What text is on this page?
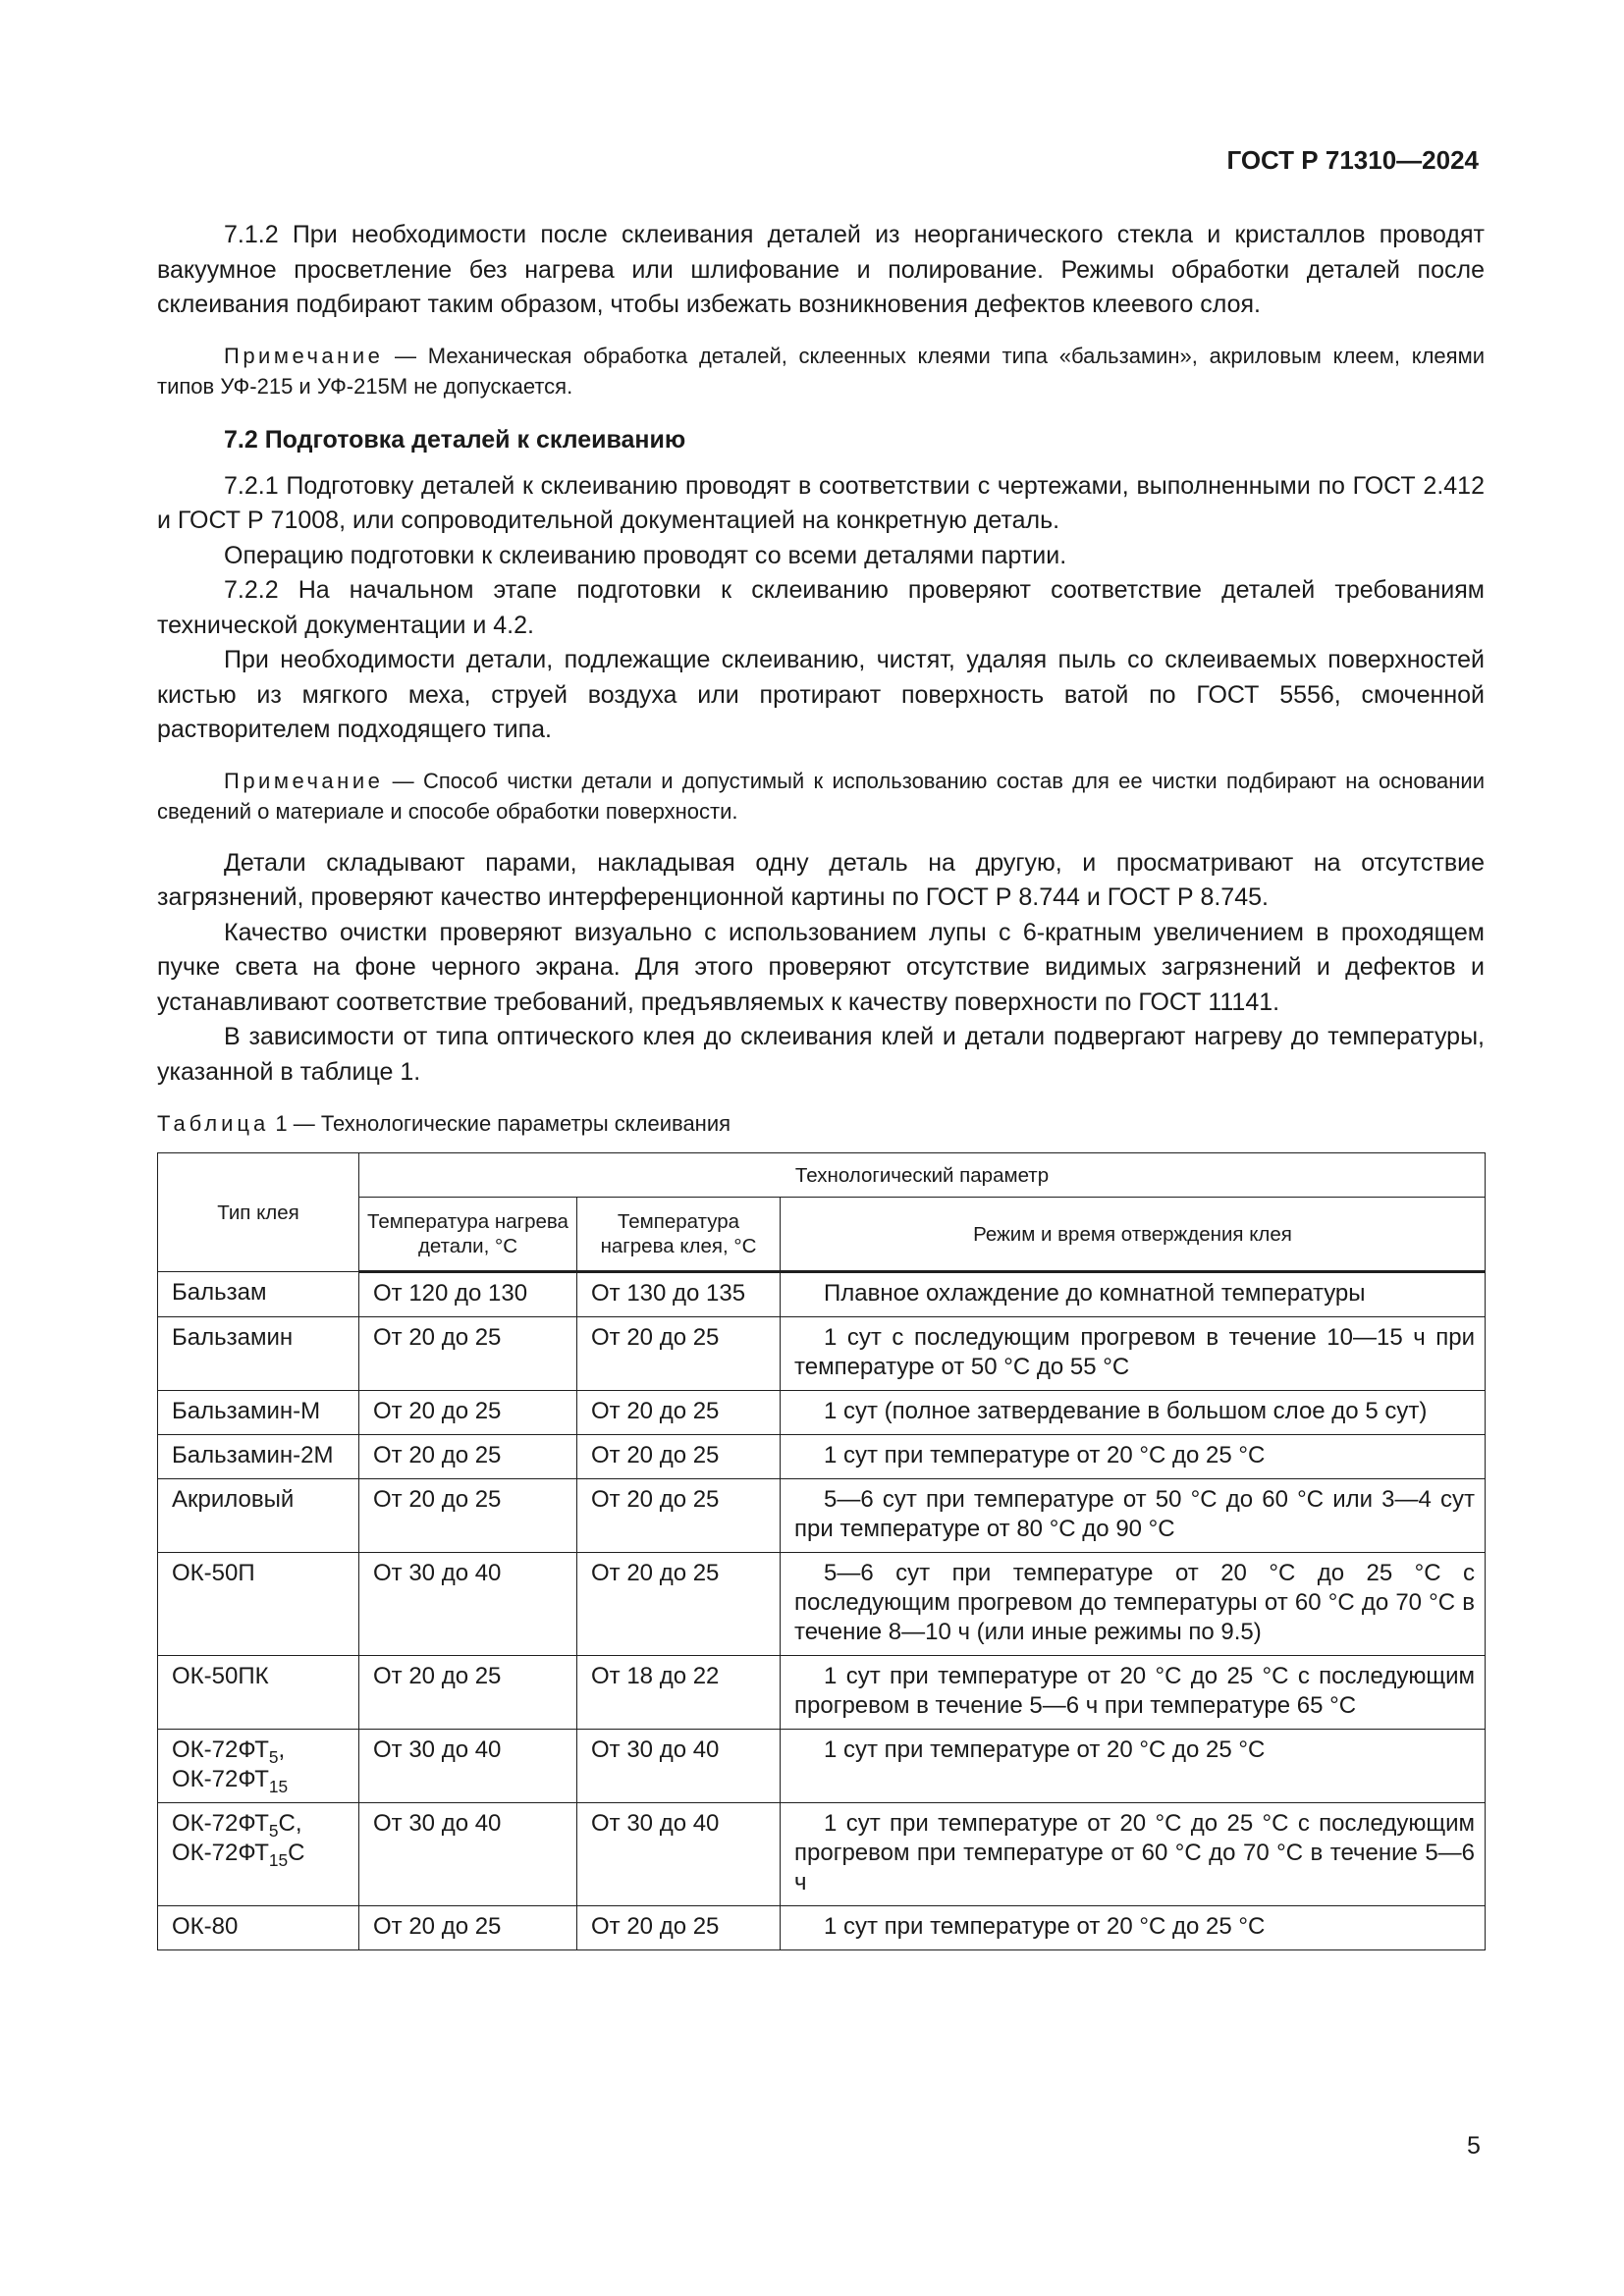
ГОСТ Р 71310—2024

7.1.2 При необходимости после склеивания деталей из неорганического стекла и кристаллов проводят вакуумное просветление без нагрева или шлифование и полирование. Режимы обработки деталей после склеивания подбирают таким образом, чтобы избежать возникновения дефектов клеевого слоя.

Примечание — Механическая обработка деталей, склеенных клеями типа «бальзамин», акриловым клеем, клеями типов УФ-215 и УФ-215М не допускается.

7.2 Подготовка деталей к склеиванию

7.2.1 Подготовку деталей к склеиванию проводят в соответствии с чертежами, выполненными по ГОСТ 2.412 и ГОСТ Р 71008, или сопроводительной документацией на конкретную деталь.

Операцию подготовки к склеиванию проводят со всеми деталями партии.

7.2.2 На начальном этапе подготовки к склеиванию проверяют соответствие деталей требованиям технической документации и 4.2.

При необходимости детали, подлежащие склеиванию, чистят, удаляя пыль со склеиваемых поверхностей кистью из мягкого меха, струей воздуха или протирают поверхность ватой по ГОСТ 5556, смоченной растворителем подходящего типа.

Примечание — Способ чистки детали и допустимый к использованию состав для ее чистки подбирают на основании сведений о материале и способе обработки поверхности.

Детали складывают парами, накладывая одну деталь на другую, и просматривают на отсутствие загрязнений, проверяют качество интерференционной картины по ГОСТ Р 8.744 и ГОСТ Р 8.745.

Качество очистки проверяют визуально с использованием лупы с 6-кратным увеличением в проходящем пучке света на фоне черного экрана. Для этого проверяют отсутствие видимых загрязнений и дефектов и устанавливают соответствие требований, предъявляемых к качеству поверхности по ГОСТ 11141.

В зависимости от типа оптического клея до склеивания клей и детали подвергают нагреву до температуры, указанной в таблице 1.

Таблица 1 — Технологические параметры склеивания

Тип клея	Технологический параметр		
	Температура нагрева детали, °С	Температура нагрева клея, °С	Режим и время отверждения клея
Бальзам	От 120 до 130	От 130 до 135	Плавное охлаждение до комнатной температуры
Бальзамин	От 20 до 25	От 20 до 25	1 сут с последующим прогревом в течение 10—15 ч при температуре от 50 °С до 55 °С
Бальзамин-М	От 20 до 25	От 20 до 25	1 сут (полное затвердевание в большом слое до 5 сут)
Бальзамин-2М	От 20 до 25	От 20 до 25	1 сут при температуре от 20 °С до 25 °С
Акриловый	От 20 до 25	От 20 до 25	5—6 сут при температуре от 50 °С до 60 °С или 3—4 сут при температуре от 80 °С до 90 °С
ОК-50П	От 30 до 40	От 20 до 25	5—6 сут при температуре от 20 °С до 25 °С с последующим прогревом до температуры от 60 °С до 70 °С в течение 8—10 ч (или иные режимы по 9.5)
ОК-50ПК	От 20 до 25	От 18 до 22	1 сут при температуре от 20 °С до 25 °С с последующим прогревом в течение 5—6 ч при температуре 65 °С
$ОК-72ФТ_5$,
$ОК-72ФТ_{15}$	От 30 до 40	От 30 до 40	1 сут при температуре от 20 °С до 25 °С
$ОК-72ФТ_5С$,
$ОК-72ФТ_{15}С$	От 30 до 40	От 30 до 40	1 сут при температуре от 20 °С до 25 °С с последующим прогревом при температуре от 60 °С до 70 °С в течение 5—6 ч
ОК-80	От 20 до 25	От 20 до 25	1 сут при температуре от 20 °С до 25 °С
5
